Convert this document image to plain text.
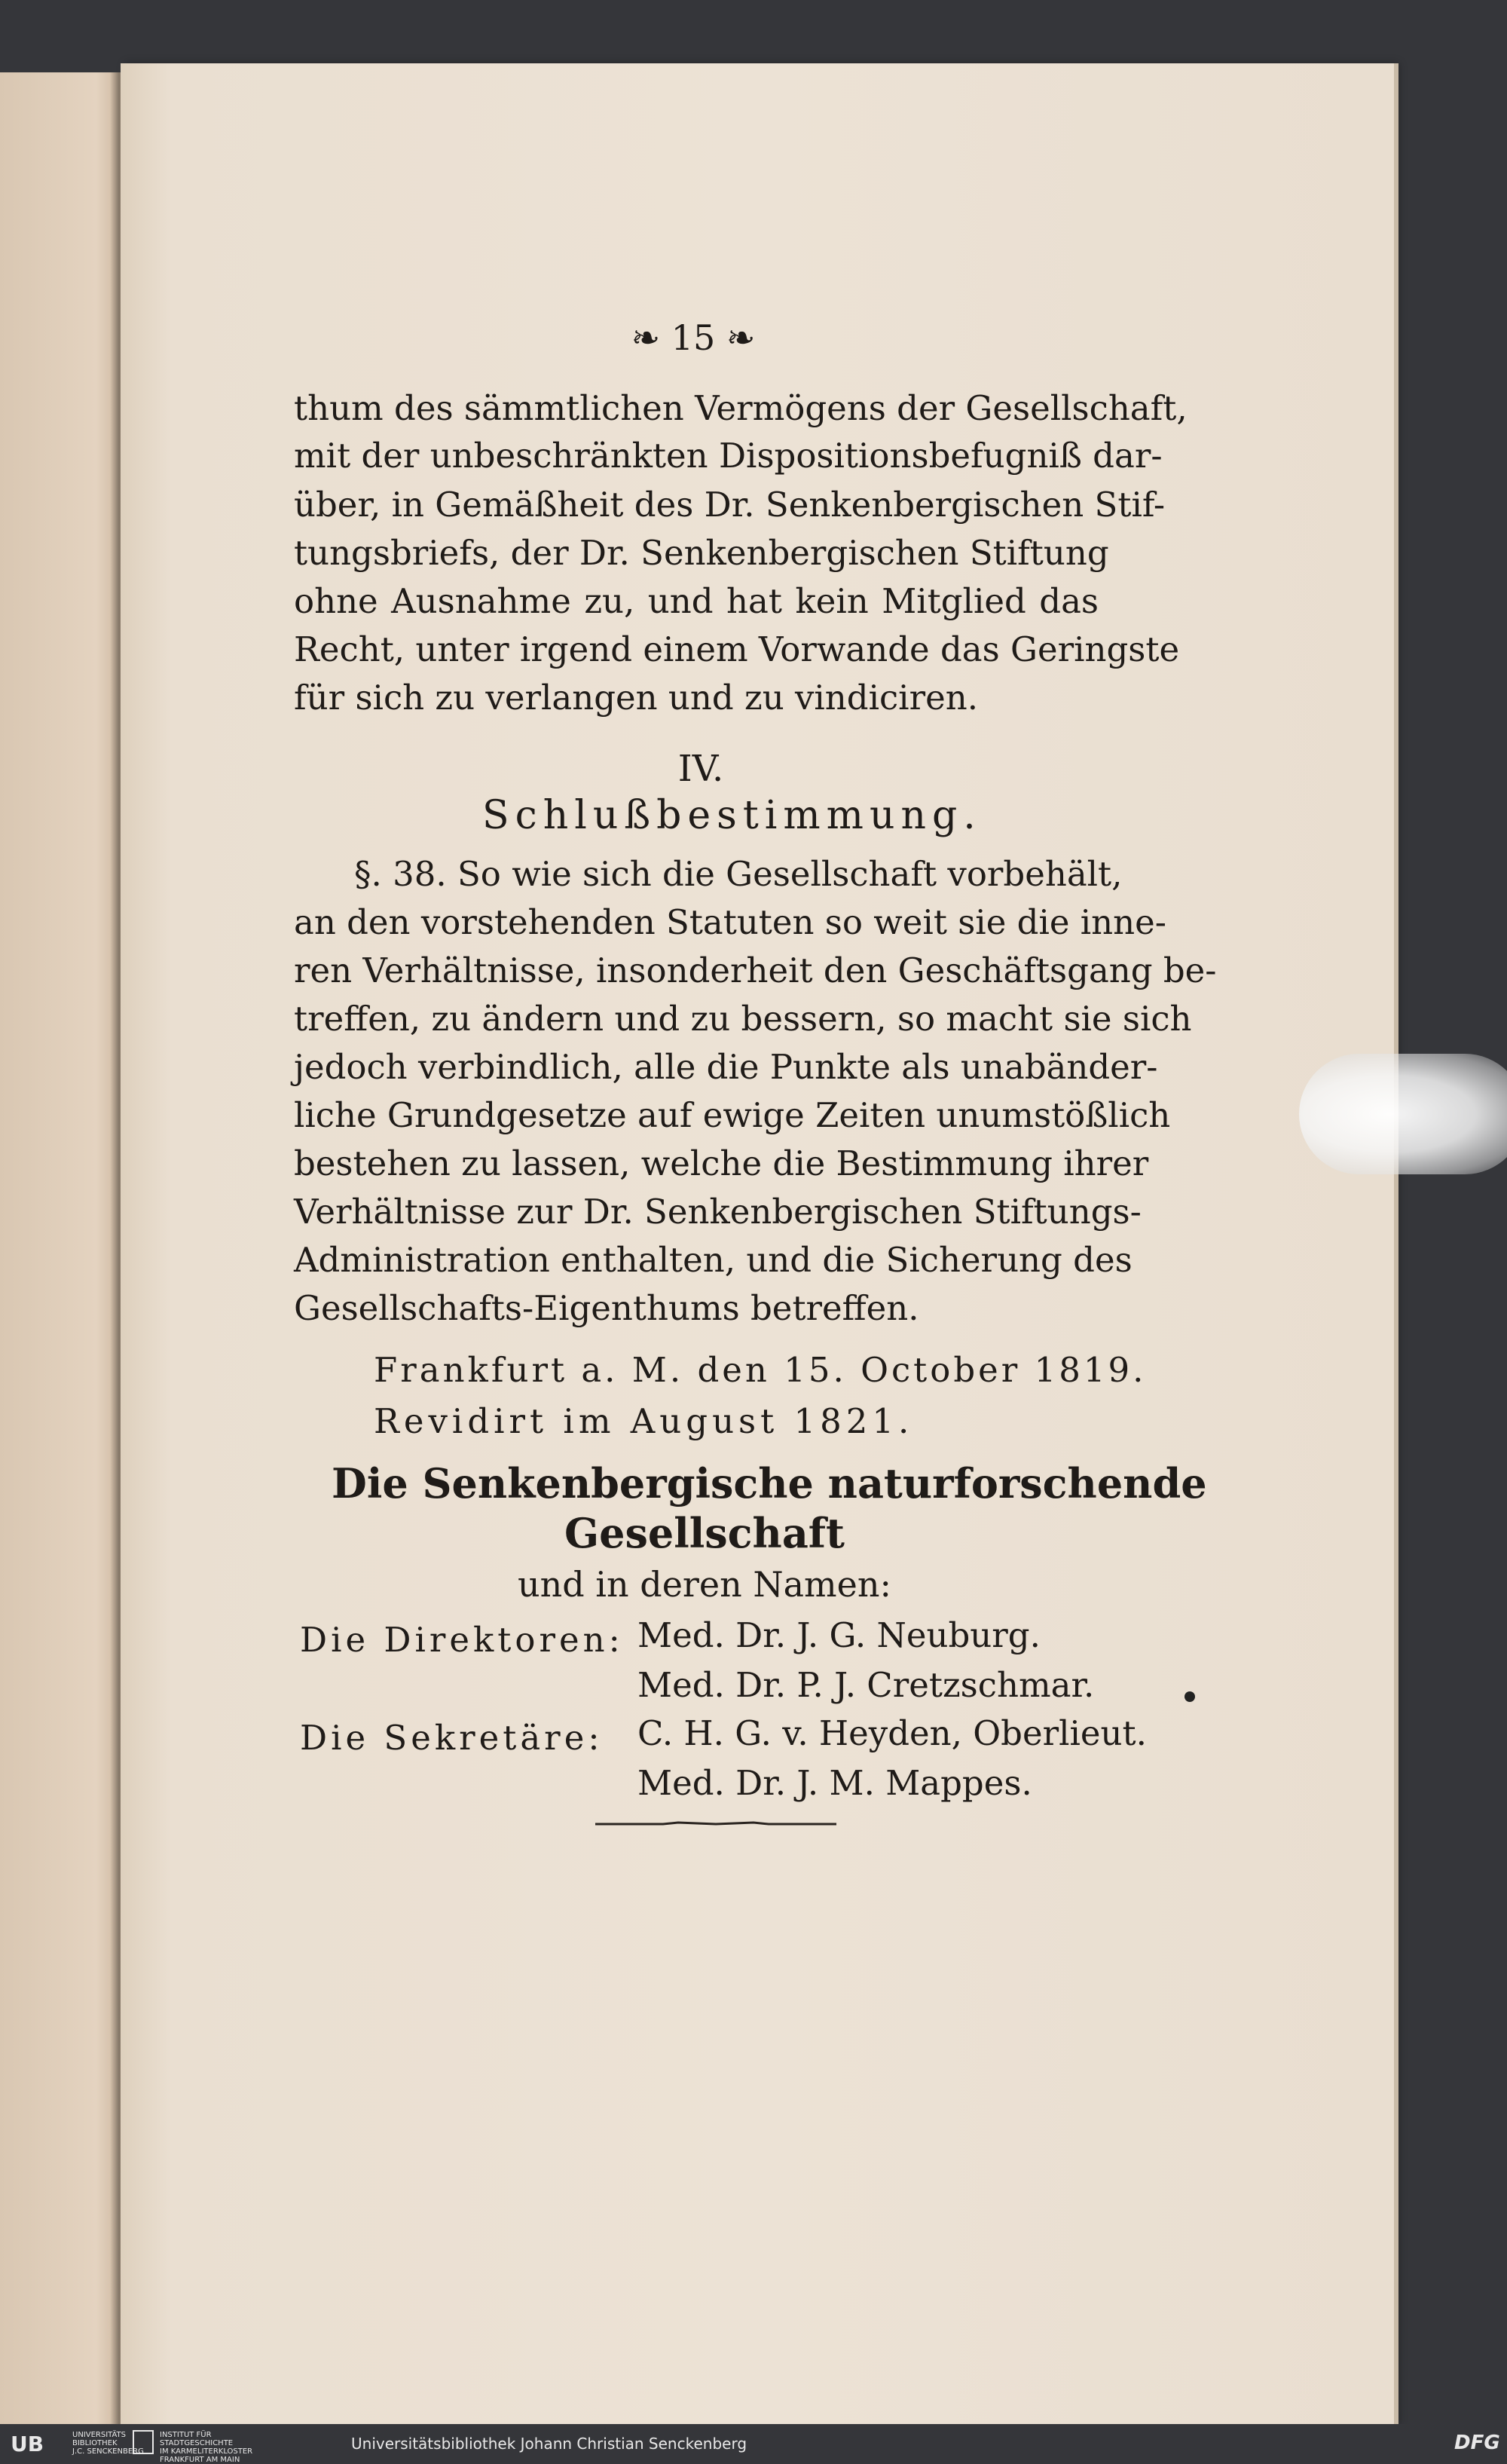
❧ 15 ❧
thum des sämmtlichen Vermögens der Gesellschaft,
mit der unbeschränkten Dispositionsbefugniß dar-
über, in Gemäßheit des Dr. Senkenbergischen Stif-
tungsbriefs, der Dr. Senkenbergischen Stiftung
ohne Ausnahme zu, und hat kein Mitglied das
Recht, unter irgend einem Vorwande das Geringste
für sich zu verlangen und zu vindiciren.
IV.
Schlußbestimmung.
§. 38. So wie sich die Gesellschaft vorbehält,
an den vorstehenden Statuten so weit sie die inne-
ren Verhältnisse, insonderheit den Geschäftsgang be-
treffen, zu ändern und zu bessern, so macht sie sich
jedoch verbindlich, alle die Punkte als unabänder-
liche Grundgesetze auf ewige Zeiten unumstößlich
bestehen zu lassen, welche die Bestimmung ihrer
Verhältnisse zur Dr. Senkenbergischen Stiftungs-
Administration enthalten, und die Sicherung des
Gesellschafts-Eigenthums betreffen.
Frankfurt a. M. den 15. October 1819.
Revidirt im August 1821.
Die Senkenbergische naturforschende
Gesellschaft
und in deren Namen:
Die Direktoren: Med. Dr. J. G. Neuburg.
Med. Dr. P. J. Cretzschmar.
Die Sekretäre: C. H. G. v. Heyden, Oberlieut.
Med. Dr. J. M. Mappes.
UB	UNIVERSITÄTS
BIBLIOTHEK
J.C. SENCKENBERG
INSTITUT FÜR
STADTGESCHICHTE
IM KARMELITERKLOSTER
FRANKFURT AM MAIN
Universitätsbibliothek Johann Christian Senckenberg	DFG
